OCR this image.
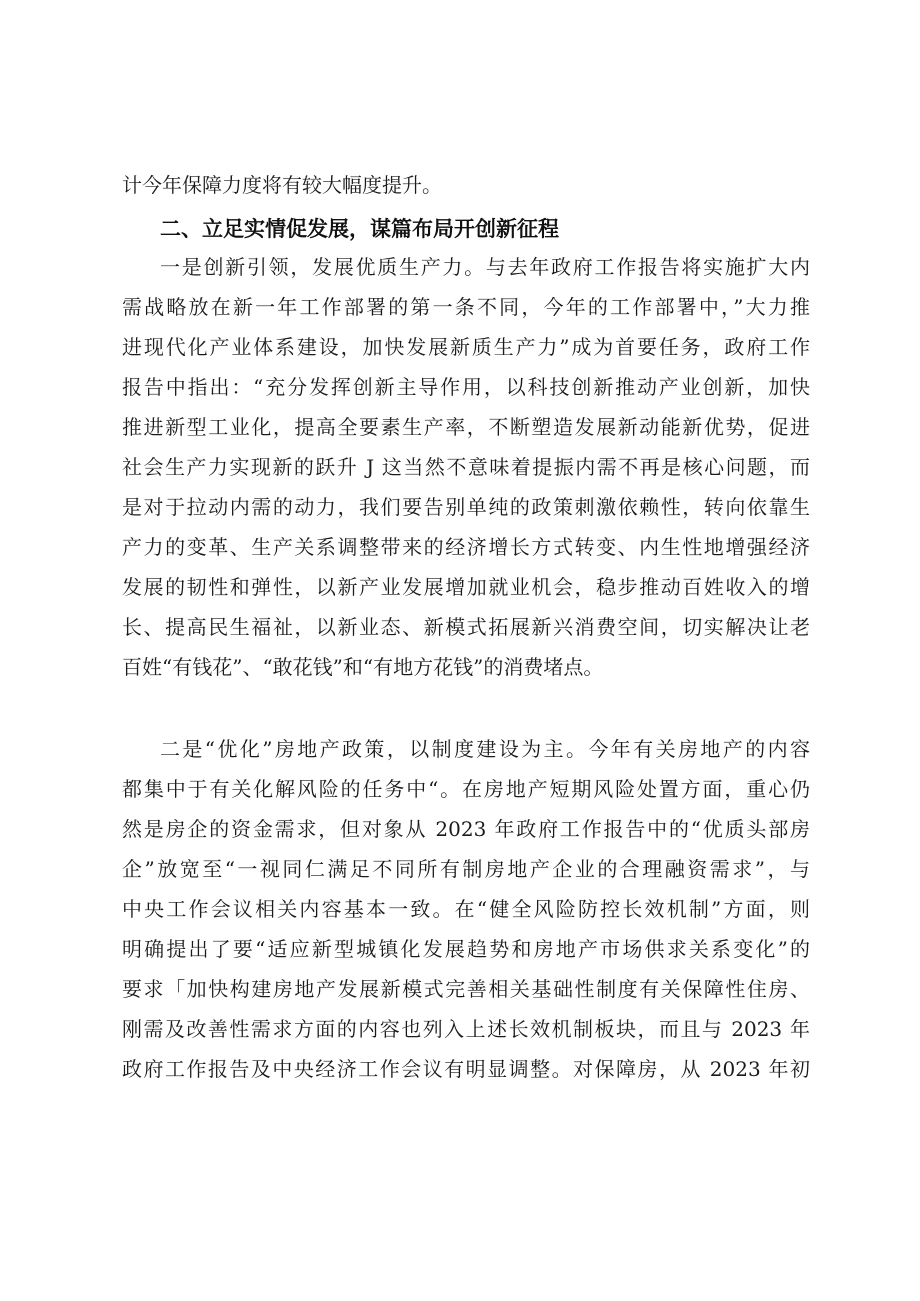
计今年保障力度将有较大幅度提升。
二、立足实情促发展，谋篇布局开创新征程
一是创新引领，发展优质生产力。与去年政府工作报告将实施扩大内
需战略放在新一年工作部署的第一条不同，今年的工作部署中，”大力推
进现代化产业体系建设，加快发展新质生产力”成为首要任务，政府工作
报告中指出：“充分发挥创新主导作用，以科技创新推动产业创新，加快
推进新型工业化，提高全要素生产率，不断塑造发展新动能新优势，促进
社会生产力实现新的跃升 J 这当然不意味着提振内需不再是核心问题，而
是对于拉动内需的动力，我们要告别单纯的政策刺激依赖性，转向依靠生
产力的变革、生产关系调整带来的经济增长方式转变、内生性地增强经济
发展的韧性和弹性，以新产业发展增加就业机会，稳步推动百姓收入的增
长、提高民生福祉，以新业态、新模式拓展新兴消费空间，切实解决让老
百姓“有钱花”、“敢花钱”和“有地方花钱”的消费堵点。
二是“优化”房地产政策，以制度建设为主。今年有关房地产的内容
都集中于有关化解风险的任务中“。在房地产短期风险处置方面，重心仍
然是房企的资金需求，但对象从 2023 年政府工作报告中的“优质头部房
企”放宽至“一视同仁满足不同所有制房地产企业的合理融资需求”，与
中央工作会议相关内容基本一致。在“健全风险防控长效机制”方面，则
明确提出了要“适应新型城镇化发展趋势和房地产市场供求关系变化”的
要求「加快构建房地产发展新模式完善相关基础性制度有关保障性住房、
刚需及改善性需求方面的内容也列入上述长效机制板块，而且与 2023 年
政府工作报告及中央经济工作会议有明显调整。对保障房，从 2023 年初
